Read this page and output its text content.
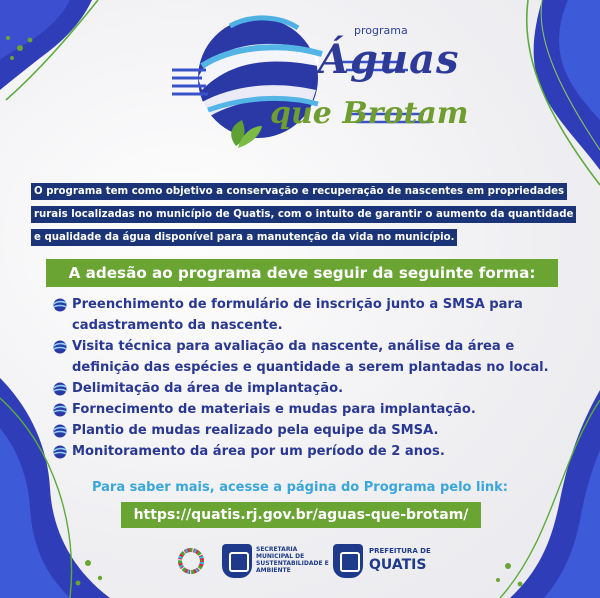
programa
Águas
que Brotam
O programa tem como objetivo a conservação e recuperação de nascentes em propriedades
rurais localizadas no município de Quatis, com o intuito de garantir o aumento da quantidade
e qualidade da água disponível para a manutenção da vida no município.
A adesão ao programa deve seguir da seguinte forma:
Preenchimento de formulário de inscrição junto a SMSA para
cadastramento da nascente.
Visita técnica para avaliação da nascente, análise da área e
definição das espécies e quantidade a serem plantadas no local.
Delimitação da área de implantação.
Fornecimento de materiais e mudas para implantação.
Plantio de mudas realizado pela equipe da SMSA.
Monitoramento da área por um período de 2 anos.
Para saber mais, acesse a página do Programa pelo link:
https://quatis.rj.gov.br/aguas-que-brotam/
SECRETARIA MUNICIPAL DE SUSTENTABILIDADE E AMBIENTE
PREFEITURA DE
QUATIS
